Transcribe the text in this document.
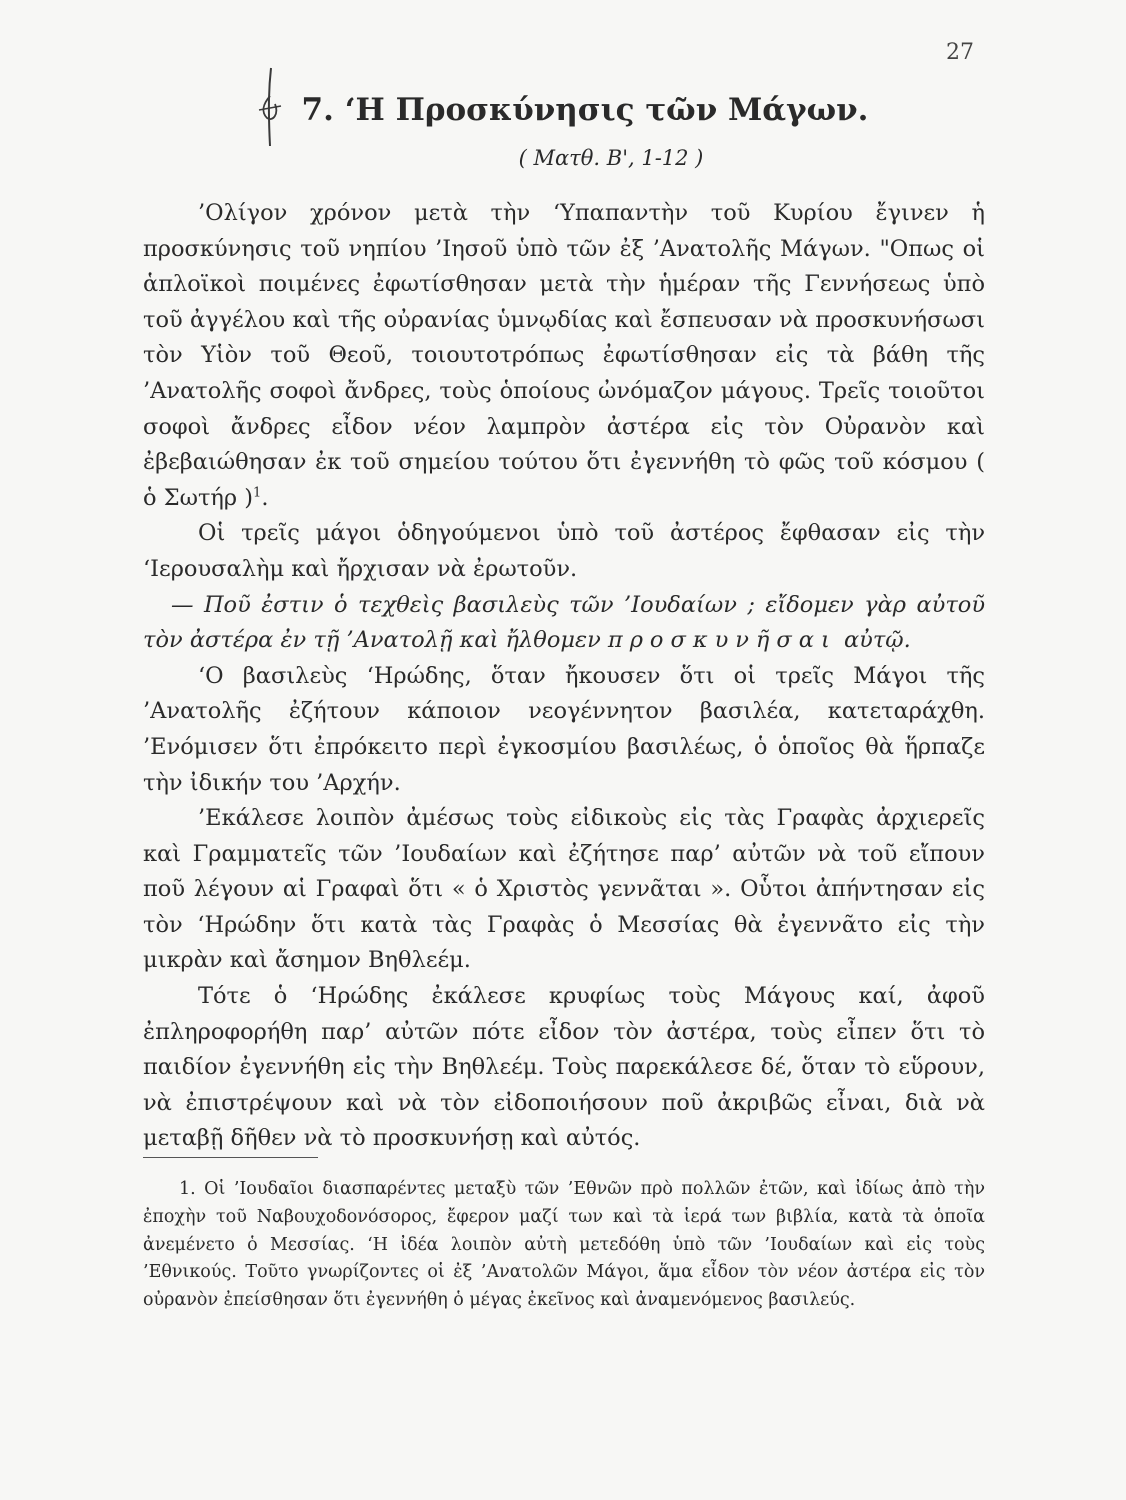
27
7. ‘Η Προσκύνησις τῶν Μάγων.
( Ματθ. Β', 1-12 )

’Ολίγον χρόνον μετὰ τὴν ‘Υπαπαντὴν τοῦ Κυρίου ἔγινεν ἡ προσκύνησις τοῦ νηπίου ’Ιησοῦ ὑπὸ τῶν ἐξ ’Ανατολῆς Μάγων. "Οπως οἱ ἁπλοϊκοὶ ποιμένες ἐφωτίσθησαν μετὰ τὴν ἡμέραν τῆς Γεννήσεως ὑπὸ τοῦ ἀγγέλου καὶ τῆς οὐρανίας ὑμνῳδίας καὶ ἔσπευσαν νὰ προσκυνήσωσι τὸν Υἱὸν τοῦ Θεοῦ, τοιουτοτρόπως ἐφωτίσθησαν εἰς τὰ βάθη τῆς ’Ανατολῆς σοφοὶ ἄνδρες, τοὺς ὁποίους ὠνόμαζον μάγους. Τρεῖς τοιοῦτοι σοφοὶ ἄνδρες εἶδον νέον λαμπρὸν ἀστέρα εἰς τὸν Οὐρανὸν καὶ ἐβεβαιώθησαν ἐκ τοῦ σημείου τούτου ὅτι ἐγεννήθη τὸ φῶς τοῦ κόσμου ( ὁ Σωτήρ )$^1$.

Οἱ τρεῖς μάγοι ὁδηγούμενοι ὑπὸ τοῦ ἀστέρος ἔφθασαν εἰς τὴν ‘Ιερουσαλὴμ καὶ ἤρχισαν νὰ ἐρωτοῦν.

— Ποῦ ἐστιν ὁ τεχθεὶς βασιλεὺς τῶν ’Ιουδαίων ; εἴδομεν γὰρ αὐτοῦ τὸν ἀστέρα ἐν τῇ ’Ανατολῇ καὶ ἤλθομεν προσκυνῆσαι αὐτῷ.

‘Ο βασιλεὺς ‘Ηρώδης, ὅταν ἤκουσεν ὅτι οἱ τρεῖς Μάγοι τῆς ’Ανατολῆς ἐζήτουν κάποιον νεογέννητον βασιλέα, κατεταράχθη. ’Ενόμισεν ὅτι ἐπρόκειτο περὶ ἐγκοσμίου βασιλέως, ὁ ὁποῖος θὰ ἥρπαζε τὴν ἰδικήν του ’Αρχήν.

’Εκάλεσε λοιπὸν ἀμέσως τοὺς εἰδικοὺς εἰς τὰς Γραφὰς ἀρχιερεῖς καὶ Γραμματεῖς τῶν ’Ιουδαίων καὶ ἐζήτησε παρ’ αὐτῶν νὰ τοῦ εἴπουν ποῦ λέγουν αἱ Γραφαὶ ὅτι « ὁ Χριστὸς γεννᾶται ». Οὗτοι ἀπήντησαν εἰς τὸν ‘Ηρώδην ὅτι κατὰ τὰς Γραφὰς ὁ Μεσσίας θὰ ἐγεννᾶτο εἰς τὴν μικρὰν καὶ ἄσημον Βηθλεέμ.

Τότε ὁ ‘Ηρώδης ἐκάλεσε κρυφίως τοὺς Μάγους καί, ἀφοῦ ἐπληροφορήθη παρ’ αὐτῶν πότε εἶδον τὸν ἀστέρα, τοὺς εἶπεν ὅτι τὸ παιδίον ἐγεννήθη εἰς τὴν Βηθλεέμ. Τοὺς παρεκάλεσε δέ, ὅταν τὸ εὕρουν, νὰ ἐπιστρέψουν καὶ νὰ τὸν εἰδοποιήσουν ποῦ ἀκριβῶς εἶναι, διὰ νὰ μεταβῇ δῆθεν νὰ τὸ προσκυνήσῃ καὶ αὐτός.

1. Οἱ ’Ιουδαῖοι διασπαρέντες μεταξὺ τῶν ’Εθνῶν πρὸ πολλῶν ἐτῶν, καὶ ἰδίως ἀπὸ τὴν ἐποχὴν τοῦ Ναβουχοδονόσορος, ἔφερον μαζί των καὶ τὰ ἱερά των βιβλία, κατὰ τὰ ὁποῖα ἀνεμένετο ὁ Μεσσίας. ‘Η ἰδέα λοιπὸν αὐτὴ μετεδόθη ὑπὸ τῶν ’Ιουδαίων καὶ εἰς τοὺς ’Εθνικούς. Τοῦτο γνωρίζοντες οἱ ἐξ ’Ανατολῶν Μάγοι, ἅμα εἶδον τὸν νέον ἀστέρα εἰς τὸν οὐρανὸν ἐπείσθησαν ὅτι ἐγεννήθη ὁ μέγας ἐκεῖνος καὶ ἀναμενόμενος βασιλεύς.
